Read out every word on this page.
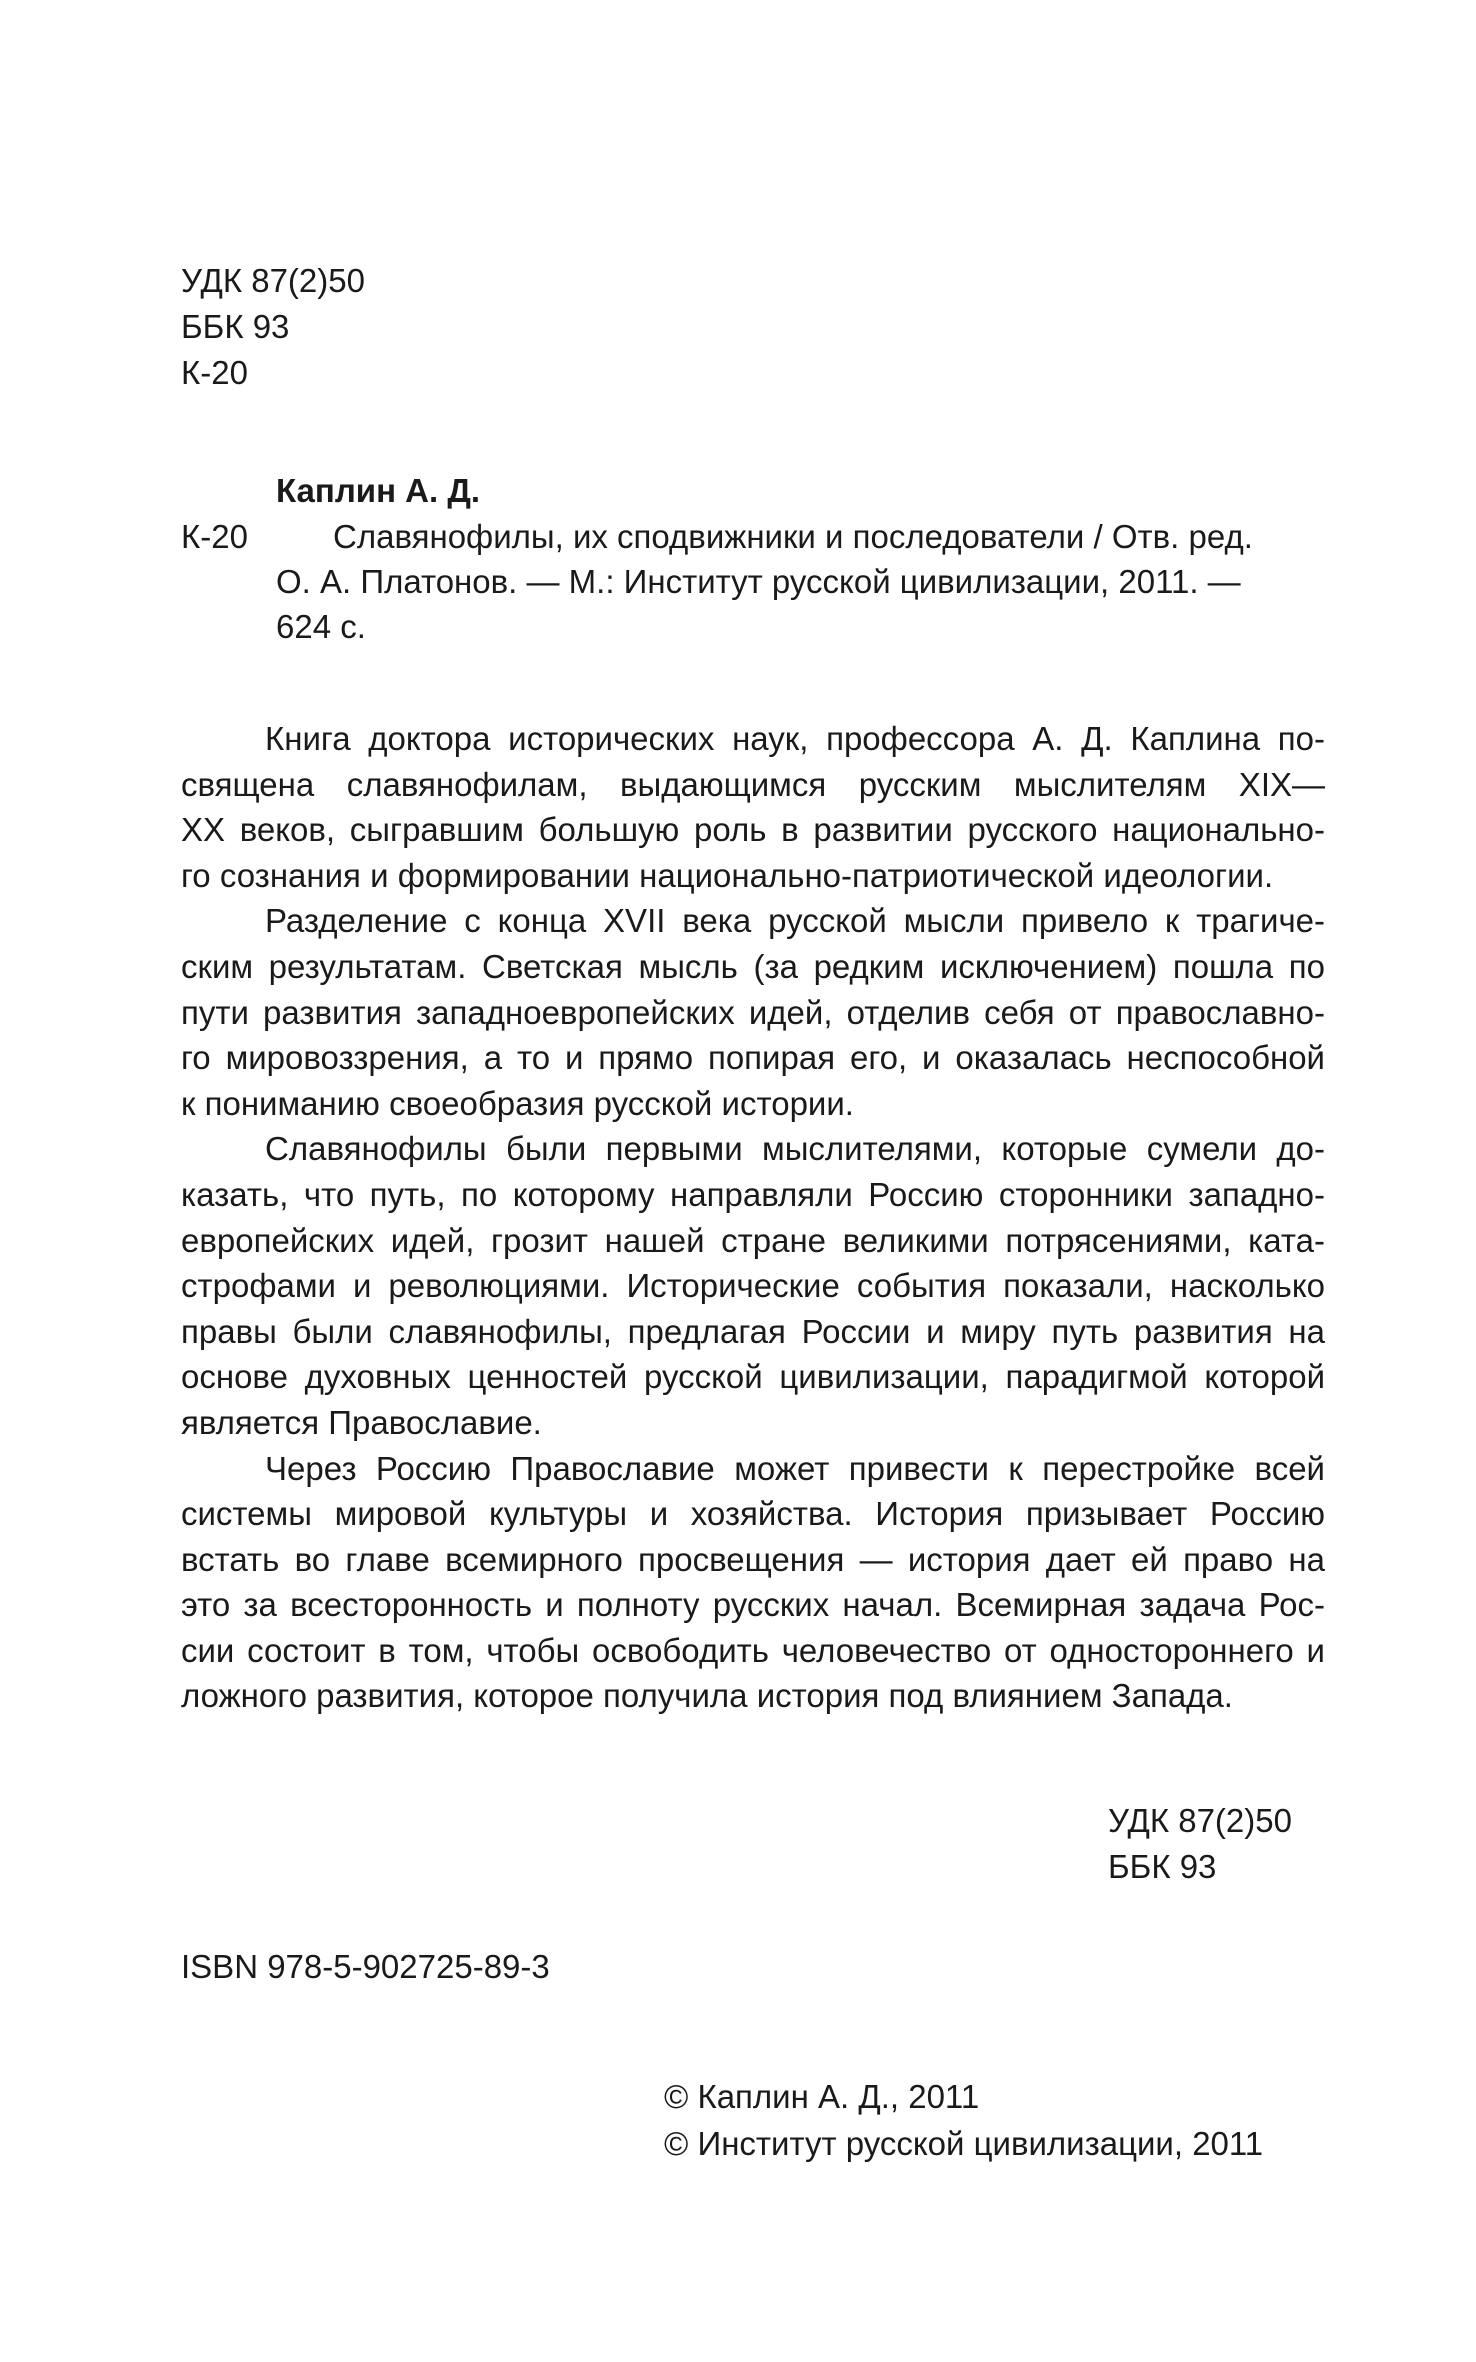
УДК 87(2)50
ББК 93
К-20
Каплин А. Д.
К-20	Славянофилы, их сподвижники и последователи / Отв. ред.
О. А. Платонов. — М.: Институт русской цивилизации, 2011. —
624 с.
Книга доктора исторических наук, профессора А. Д. Каплина по-
священа славянофилам, выдающимся русским мыслителям XIX—
XX веков, сыгравшим большую роль в развитии русского национально-
го сознания и формировании национально-патриотической идеологии.
Разделение с конца XVII века русской мысли привело к трагиче-
ским результатам. Светская мысль (за редким исключением) пошла по
пути развития западноевропейских идей, отделив себя от православно-
го мировоззрения, а то и прямо попирая его, и оказалась неспособной
к пониманию своеобразия русской истории.
Славянофилы были первыми мыслителями, которые сумели до-
казать, что путь, по которому направляли Россию сторонники западно-
европейских идей, грозит нашей стране великими потрясениями, ката-
строфами и революциями. Исторические события показали, насколько
правы были славянофилы, предлагая России и миру путь развития на
основе духовных ценностей русской цивилизации, парадигмой которой
является Православие.
Через Россию Православие может привести к перестройке всей
системы мировой культуры и хозяйства. История призывает Россию
встать во главе всемирного просвещения — история дает ей право на
это за всесторонность и полноту русских начал. Всемирная задача Рос-
сии состоит в том, чтобы освободить человечество от одностороннего и
ложного развития, которое получила история под влиянием Запада.
УДК 87(2)50
ББК 93
ISBN 978-5-902725-89-3
© Каплин А. Д., 2011
© Институт русской цивилизации, 2011
